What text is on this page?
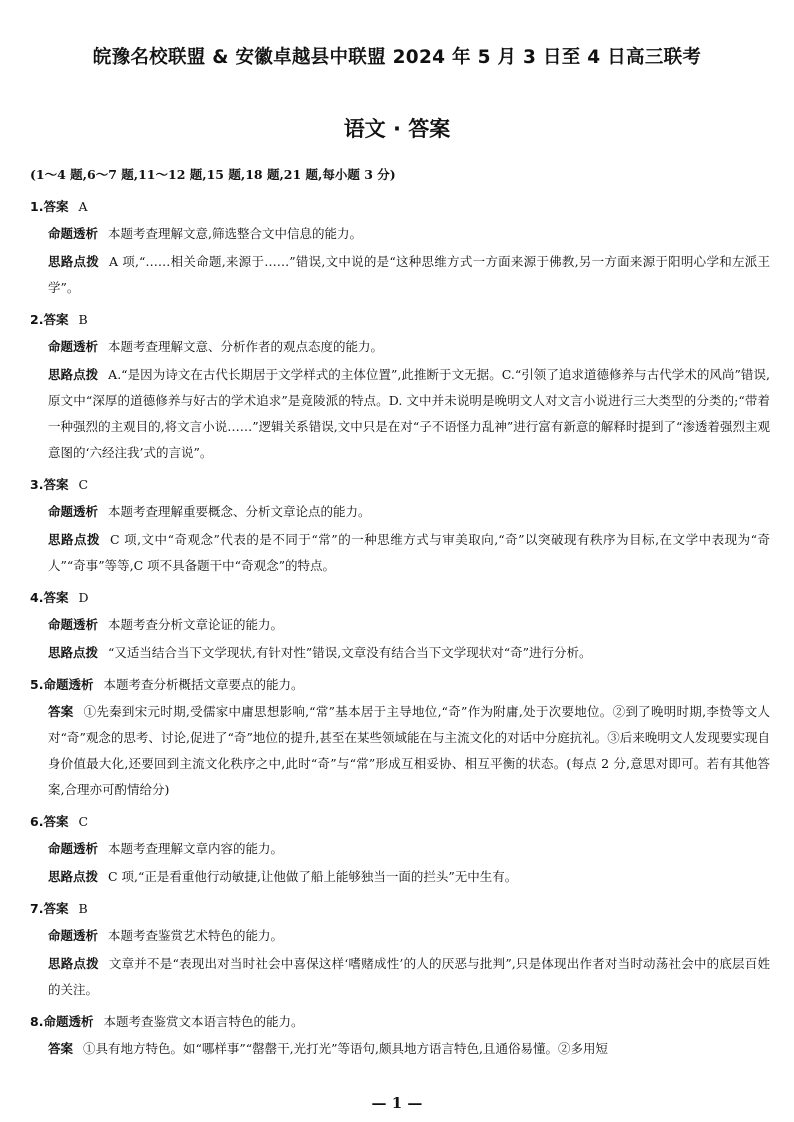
皖豫名校联盟 & 安徽卓越县中联盟 2024 年 5 月 3 日至 4 日高三联考
语文 · 答案
(1～4 题,6～7 题,11～12 题,15 题,18 题,21 题,每小题 3 分)
1.答案 A
命题透析 本题考查理解文意,筛选整合文中信息的能力。
思路点拨 A 项,“……相关命题,来源于……”错误,文中说的是“这种思维方式一方面来源于佛教,另一方面来源于阳明心学和左派王学”。
2.答案 B
命题透析 本题考查理解文意、分析作者的观点态度的能力。
思路点拨 A.“是因为诗文在古代长期居于文学样式的主体位置”,此推断于文无据。C.“引领了追求道德修养与古代学术的风尚”错误,原文中“深厚的道德修养与好古的学术追求”是竟陵派的特点。D. 文中并未说明是晚明文人对文言小说进行三大类型的分类的;“带着一种强烈的主观目的,将文言小说……”逻辑关系错误,文中只是在对“子不语怪力乱神”进行富有新意的解释时提到了“渗透着强烈主观意图的‘六经注我’式的言说”。
3.答案 C
命题透析 本题考查理解重要概念、分析文章论点的能力。
思路点拨 C 项,文中“奇观念”代表的是不同于“常”的一种思维方式与审美取向,“奇”以突破现有秩序为目标,在文学中表现为“奇人”“奇事”等等,C 项不具备题干中“奇观念”的特点。
4.答案 D
命题透析 本题考查分析文章论证的能力。
思路点拨 “又适当结合当下文学现状,有针对性”错误,文章没有结合当下文学现状对“奇”进行分析。
5.命题透析 本题考查分析概括文章要点的能力。
答案 ①先秦到宋元时期,受儒家中庸思想影响,“常”基本居于主导地位,“奇”作为附庸,处于次要地位。②到了晚明时期,李贽等文人对“奇”观念的思考、讨论,促进了“奇”地位的提升,甚至在某些领域能在与主流文化的对话中分庭抗礼。③后来晚明文人发现要实现自身价值最大化,还要回到主流文化秩序之中,此时“奇”与“常”形成互相妥协、相互平衡的状态。(每点 2 分,意思对即可。若有其他答案,合理亦可酌情给分)
6.答案 C
命题透析 本题考查理解文章内容的能力。
思路点拨 C 项,“正是看重他行动敏捷,让他做了船上能够独当一面的拦头”无中生有。
7.答案 B
命题透析 本题考查鉴赏艺术特色的能力。
思路点拨 文章并不是“表现出对当时社会中喜保这样‘嗜赌成性’的人的厌恶与批判”,只是体现出作者对当时动荡社会中的底层百姓的关注。
8.命题透析 本题考查鉴赏文本语言特色的能力。
答案 ①具有地方特色。如“哪样事”“罄罄干,光打光”等语句,颇具地方语言特色,且通俗易懂。②多用短
— 1 —
